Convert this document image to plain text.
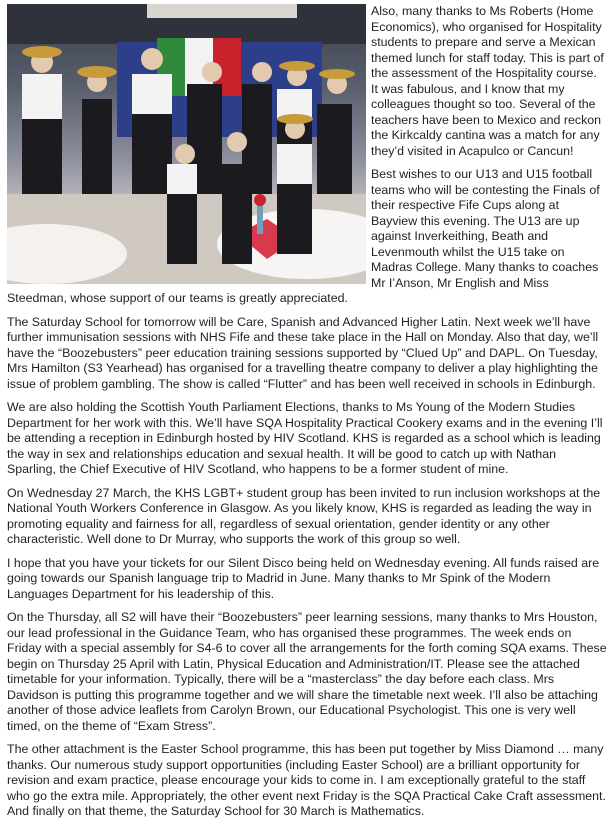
Also, many thanks to Ms Roberts (Home Economics), who organised for Hospitality students to prepare and serve a Mexican themed lunch for staff today. This is part of the assessment of the Hospitality course. It was fabulous, and I know that my colleagues thought so too. Several of the teachers have been to Mexico and reckon the Kirkcaldy cantina was a match for any they’d visited in Acapulco or Cancun!

Best wishes to our U13 and U15 football teams who will be contesting the Finals of their respective Fife Cups along at Bayview this evening. The U13 are up against Inverkeithing, Beath and Levenmouth whilst the U15 take on Madras College. Many thanks to coaches Mr I’Anson, Mr English and Miss Steedman, whose support of our teams is greatly appreciated.

The Saturday School for tomorrow will be Care, Spanish and Advanced Higher Latin. Next week we’ll have further immunisation sessions with NHS Fife and these take place in the Hall on Monday. Also that day, we’ll have the “Boozebusters” peer education training sessions supported by “Clued Up” and DAPL. On Tuesday, Mrs Hamilton (S3 Yearhead) has organised for a travelling theatre company to deliver a play highlighting the issue of problem gambling. The show is called “Flutter” and has been well received in schools in Edinburgh.

We are also holding the Scottish Youth Parliament Elections, thanks to Ms Young of the Modern Studies Department for her work with this. We’ll have SQA Hospitality Practical Cookery exams and in the evening I’ll be attending a reception in Edinburgh hosted by HIV Scotland. KHS is regarded as a school which is leading the way in sex and relationships education and sexual health. It will be good to catch up with Nathan Sparling, the Chief Executive of HIV Scotland, who happens to be a former student of mine.

On Wednesday 27 March, the KHS LGBT+ student group has been invited to run inclusion workshops at the National Youth Workers Conference in Glasgow. As you likely know, KHS is regarded as leading the way in promoting equality and fairness for all, regardless of sexual orientation, gender identity or any other characteristic. Well done to Dr Murray, who supports the work of this group so well.

I hope that you have your tickets for our Silent Disco being held on Wednesday evening. All funds raised are going towards our Spanish language trip to Madrid in June. Many thanks to Mr Spink of the Modern Languages Department for his leadership of this.

On the Thursday, all S2 will have their “Boozebusters” peer learning sessions, many thanks to Mrs Houston, our lead professional in the Guidance Team, who has organised these programmes. The week ends on Friday with a special assembly for S4-6 to cover all the arrangements for the forth coming SQA exams. These begin on Thursday 25 April with Latin, Physical Education and Administration/IT. Please see the attached timetable for your information. Typically, there will be a “masterclass” the day before each class. Mrs Davidson is putting this programme together and we will share the timetable next week. I’ll also be attaching another of those advice leaflets from Carolyn Brown, our Educational Psychologist. This one is very well timed, on the theme of “Exam Stress”.

The other attachment is the Easter School programme, this has been put together by Miss Diamond … many thanks. Our numerous study support opportunities (including Easter School) are a brilliant opportunity for revision and exam practice, please encourage your kids to come in. I am exceptionally grateful to the staff who go the extra mile. Appropriately, the other event next Friday is the SQA Practical Cake Craft assessment. And finally on that theme, the Saturday School for 30 March is Mathematics.
